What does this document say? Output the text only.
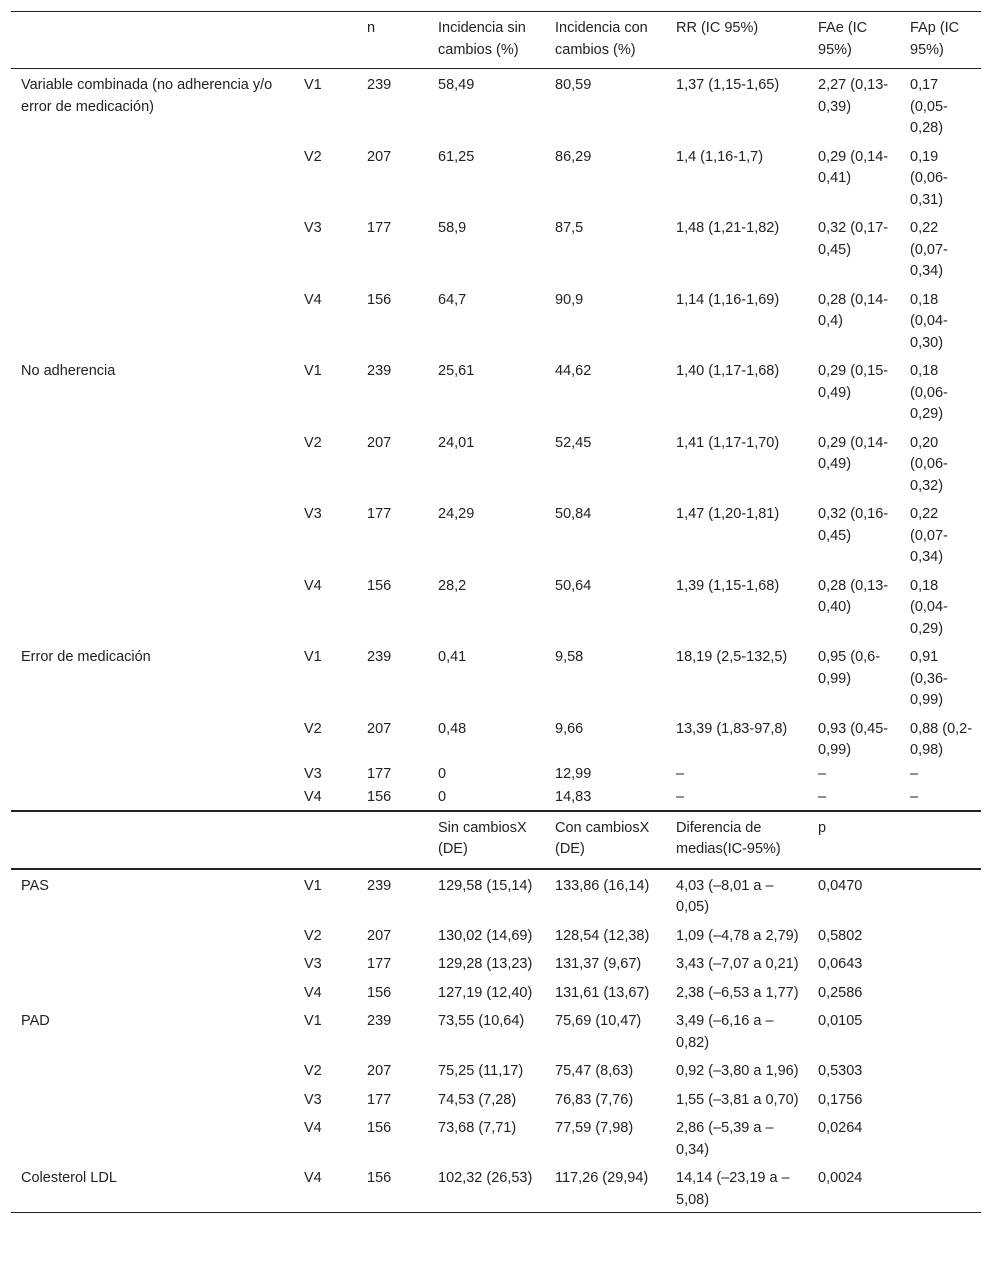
		n	Incidencia sin cambios (%)	Incidencia con cambios (%)	RR (IC 95%)	FAe (IC 95%)	FAp (IC 95%)
Variable combinada (no adherencia y/o error de medicación)	V1	239	58,49	80,59	1,37 (1,15-1,65)	2,27 (0,13-0,39)	0,17 (0,05-0,28)
	V2	207	61,25	86,29	1,4 (1,16-1,7)	0,29 (0,14-0,41)	0,19 (0,06-0,31)
	V3	177	58,9	87,5	1,48 (1,21-1,82)	0,32 (0,17-0,45)	0,22 (0,07-0,34)
	V4	156	64,7	90,9	1,14 (1,16-1,69)	0,28 (0,14-0,4)	0,18 (0,04-0,30)
No adherencia	V1	239	25,61	44,62	1,40 (1,17-1,68)	0,29 (0,15-0,49)	0,18 (0,06-0,29)
	V2	207	24,01	52,45	1,41 (1,17-1,70)	0,29 (0,14-0,49)	0,20 (0,06-0,32)
	V3	177	24,29	50,84	1,47 (1,20-1,81)	0,32 (0,16-0,45)	0,22 (0,07-0,34)
	V4	156	28,2	50,64	1,39 (1,15-1,68)	0,28 (0,13-0,40)	0,18 (0,04-0,29)
Error de medicación	V1	239	0,41	9,58	18,19 (2,5-132,5)	0,95 (0,6-0,99)	0,91 (0,36-0,99)
	V2	207	0,48	9,66	13,39 (1,83-97,8)	0,93 (0,45-0,99)	0,88 (0,2-0,98)
	V3	177	0	12,99	–	–	–
	V4	156	0	14,83	–	–	–
			Sin cambiosX (DE)	Con cambiosX (DE)	Diferencia de medias(IC-95%)	p	
PAS	V1	239	129,58 (15,14)	133,86 (16,14)	4,03 (–8,01 a –0,05)	0,0470	
	V2	207	130,02 (14,69)	128,54 (12,38)	1,09 (–4,78 a 2,79)	0,5802	
	V3	177	129,28 (13,23)	131,37 (9,67)	3,43 (–7,07 a 0,21)	0,0643	
	V4	156	127,19 (12,40)	131,61 (13,67)	2,38 (–6,53 a 1,77)	0,2586	
PAD	V1	239	73,55 (10,64)	75,69 (10,47)	3,49 (–6,16 a –0,82)	0,0105	
	V2	207	75,25 (11,17)	75,47 (8,63)	0,92 (–3,80 a 1,96)	0,5303	
	V3	177	74,53 (7,28)	76,83 (7,76)	1,55 (–3,81 a 0,70)	0,1756	
	V4	156	73,68 (7,71)	77,59 (7,98)	2,86 (–5,39 a –0,34)	0,0264	
Colesterol LDL	V4	156	102,32 (26,53)	117,26 (29,94)	14,14 (–23,19 a –5,08)	0,0024	
